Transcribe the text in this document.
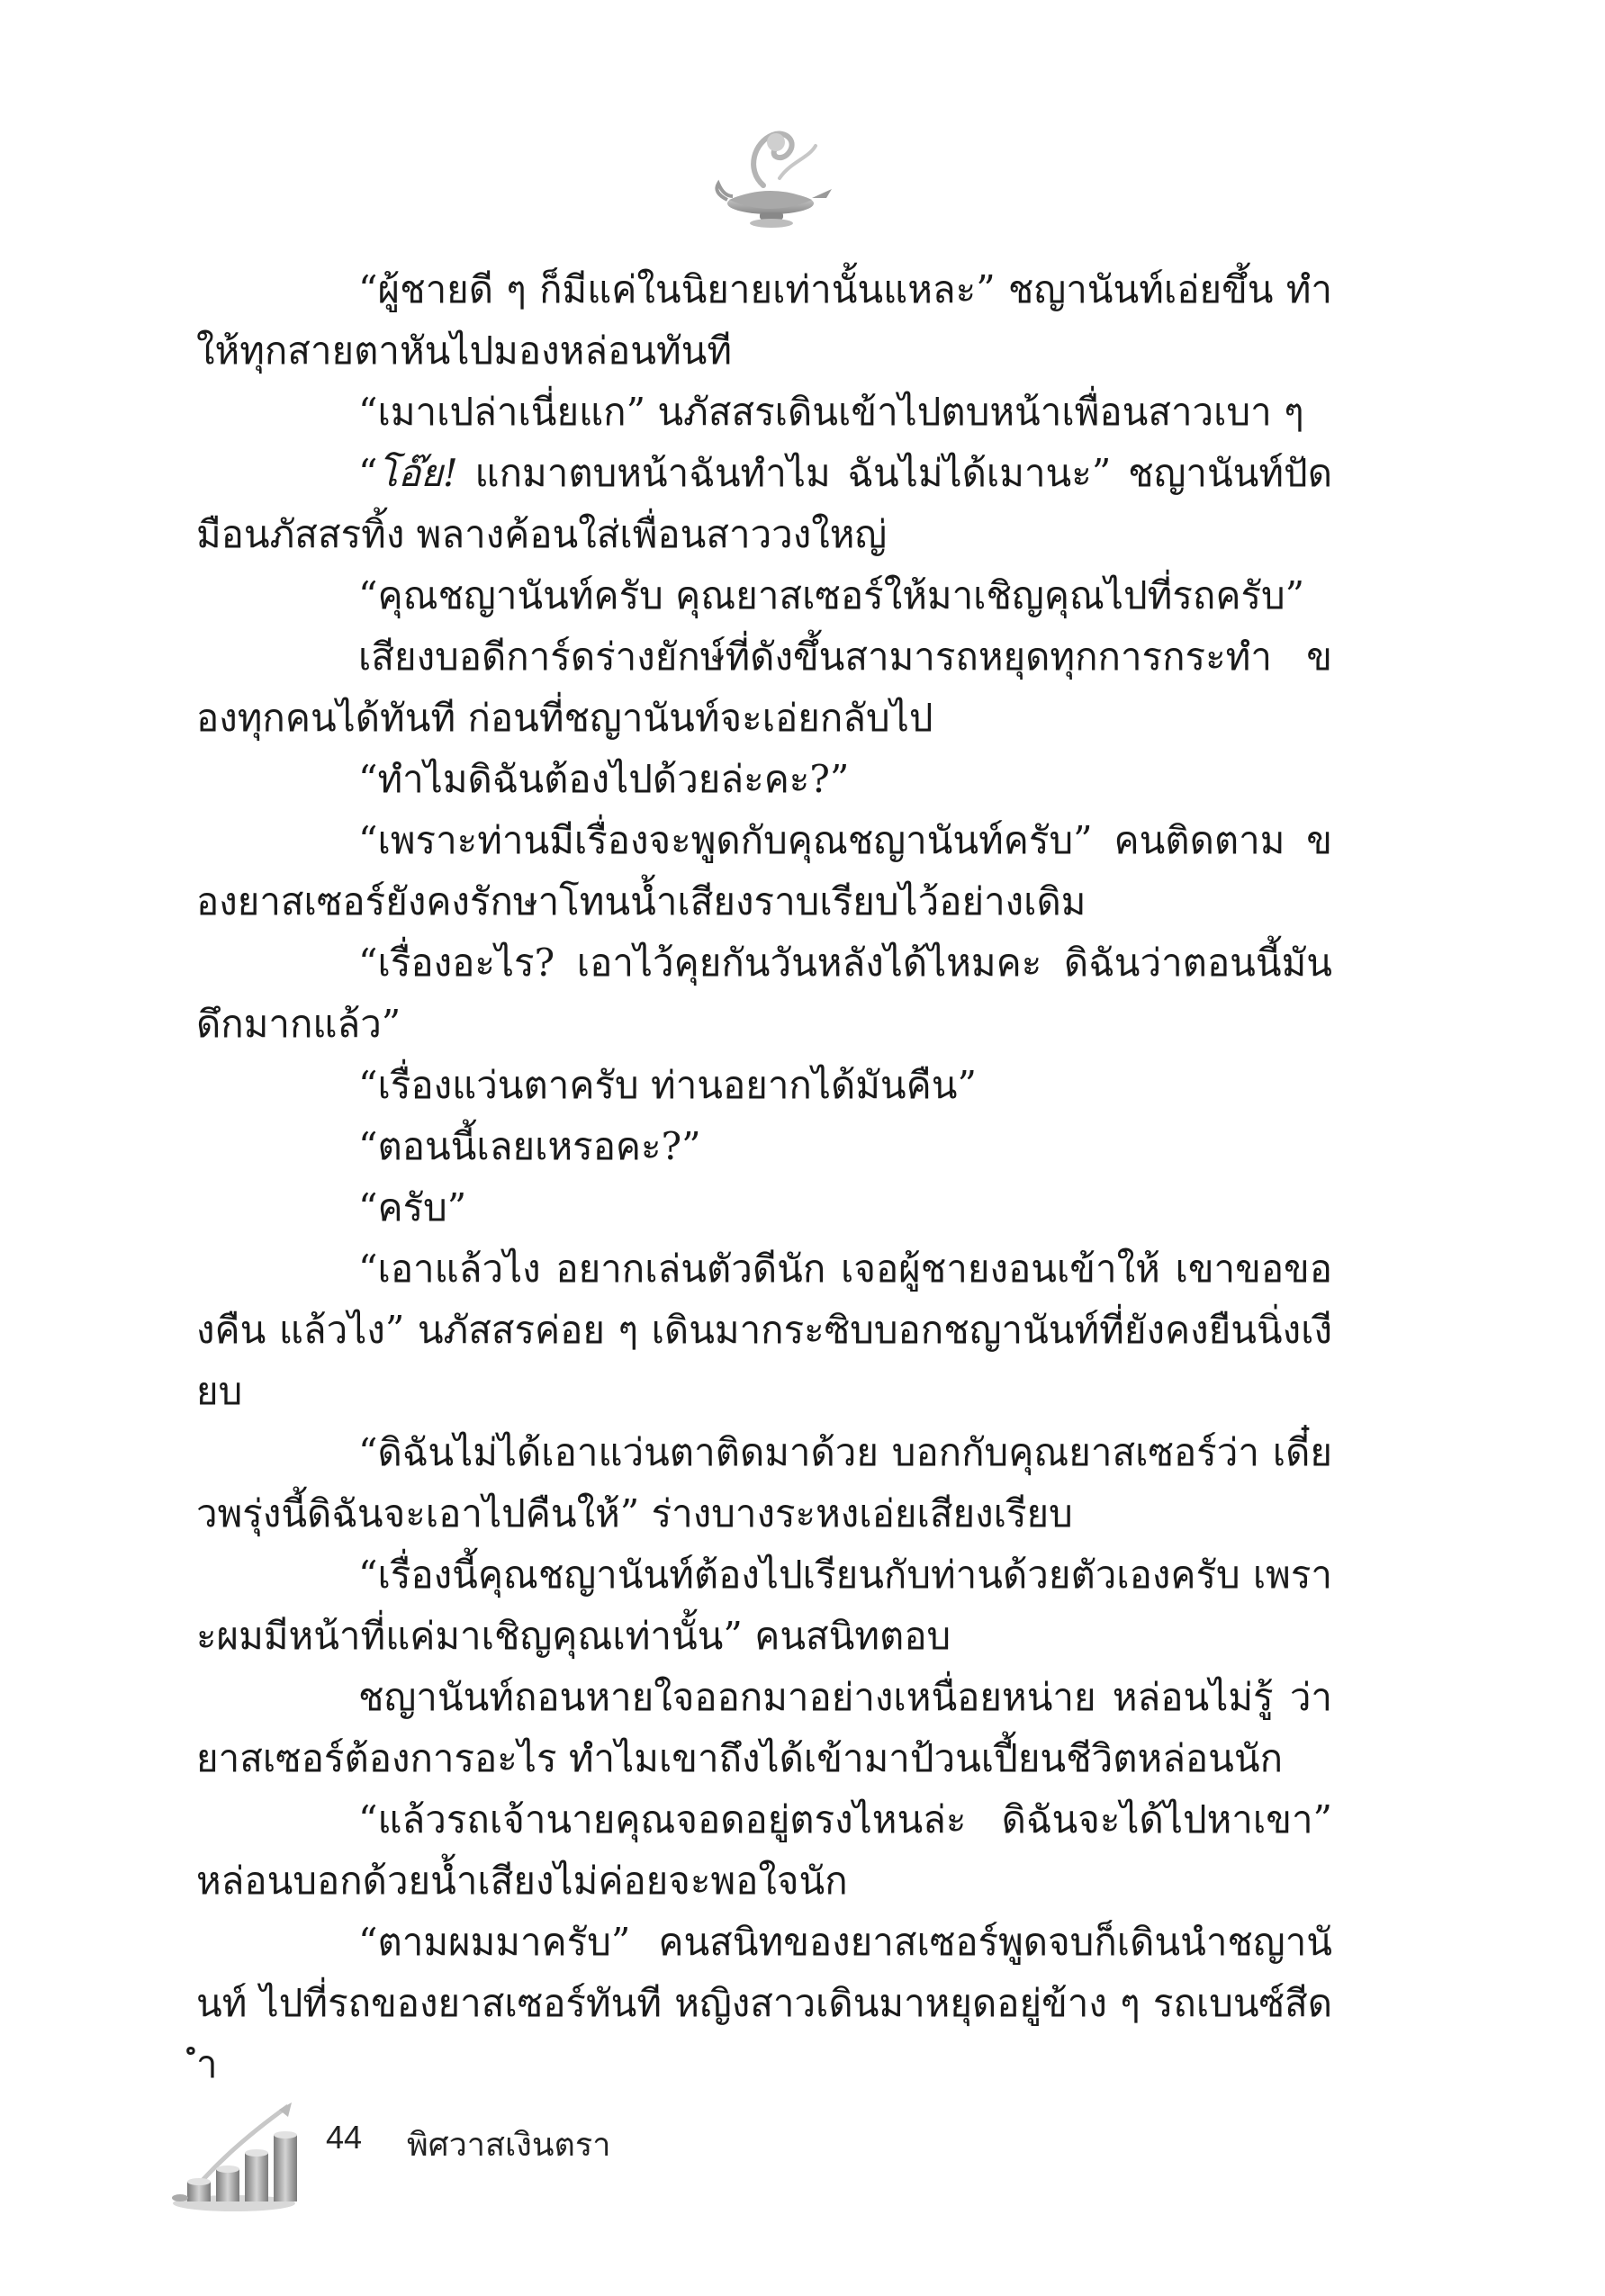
“ผู้ชายดี ๆ ก็มีแค่ในนิยายเท่านั้นแหละ” ชญานันท์เอ่ยขึ้น ทำให้ทุกสายตาหันไปมองหล่อนทันที

“เมาเปล่าเนี่ยแก” นภัสสรเดินเข้าไปตบหน้าเพื่อนสาวเบา ๆ

“โอ๊ย! แกมาตบหน้าฉันทำไม ฉันไม่ได้เมานะ” ชญานันท์ปัด มือนภัสสรทิ้ง พลางค้อนใส่เพื่อนสาววงใหญ่

“คุณชญานันท์ครับ คุณยาสเซอร์ให้มาเชิญคุณไปที่รถครับ”

เสียงบอดีการ์ดร่างยักษ์ที่ดังขึ้นสามารถหยุดทุกการกระทำ ของทุกคนได้ทันที ก่อนที่ชญานันท์จะเอ่ยกลับไป

“ทำไมดิฉันต้องไปด้วยล่ะคะ?”

“เพราะท่านมีเรื่องจะพูดกับคุณชญานันท์ครับ” คนติดตาม ของยาสเซอร์ยังคงรักษาโทนน้ำเสียงราบเรียบไว้อย่างเดิม

“เรื่องอะไร? เอาไว้คุยกันวันหลังได้ไหมคะ ดิฉันว่าตอนนี้มัน ดึกมากแล้ว”

“เรื่องแว่นตาครับ ท่านอยากได้มันคืน”

“ตอนนี้เลยเหรอคะ?”

“ครับ”

“เอาแล้วไง อยากเล่นตัวดีนัก เจอผู้ชายงอนเข้าให้ เขาขอของคืน แล้วไง” นภัสสรค่อย ๆ เดินมากระซิบบอกชญานันท์ที่ยังคงยืนนิ่งเงียบ

“ดิฉันไม่ได้เอาแว่นตาติดมาด้วย บอกกับคุณยาสเซอร์ว่า เดี๋ยวพรุ่งนี้ดิฉันจะเอาไปคืนให้” ร่างบางระหงเอ่ยเสียงเรียบ

“เรื่องนี้คุณชญานันท์ต้องไปเรียนกับท่านด้วยตัวเองครับ เพราะผมมีหน้าที่แค่มาเชิญคุณเท่านั้น” คนสนิทตอบ

ชญานันท์ถอนหายใจออกมาอย่างเหนื่อยหน่าย หล่อนไม่รู้ ว่ายาสเซอร์ต้องการอะไร ทำไมเขาถึงได้เข้ามาป้วนเปี้ยนชีวิตหล่อนนัก

“แล้วรถเจ้านายคุณจอดอยู่ตรงไหนล่ะ ดิฉันจะได้ไปหาเขา” หล่อนบอกด้วยน้ำเสียงไม่ค่อยจะพอใจนัก

“ตามผมมาครับ” คนสนิทของยาสเซอร์พูดจบก็เดินนำชญานันท์ ไปที่รถของยาสเซอร์ทันที หญิงสาวเดินมาหยุดอยู่ข้าง ๆ รถเบนซ์สีดำ

44 พิศวาสเงินตรา
